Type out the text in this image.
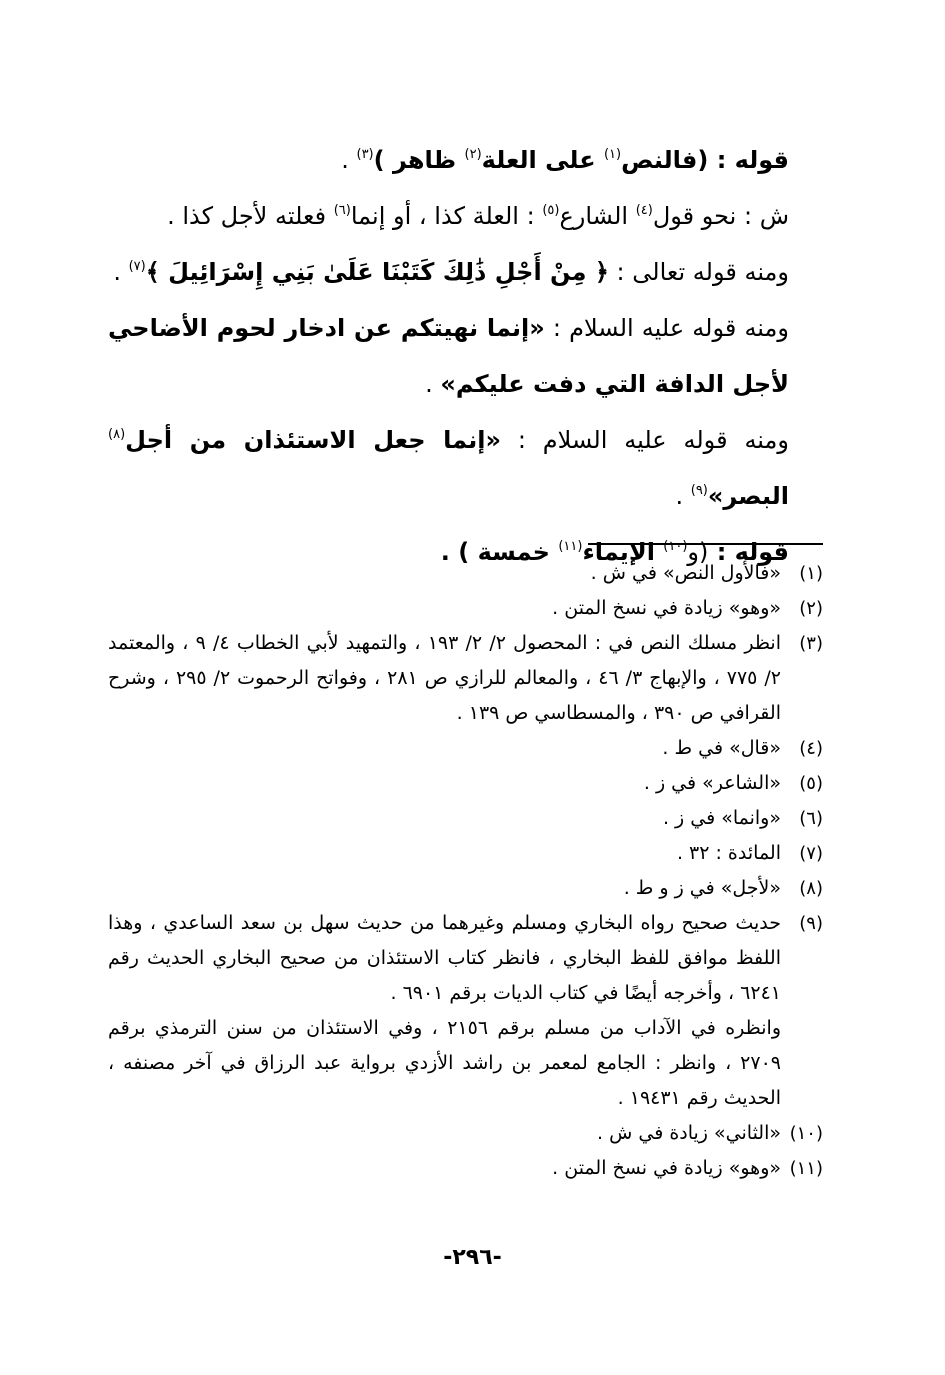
قوله : (فالنص$^{(١)}$ على العلة$^{(٢)}$ ظاهر )$^{(٣)}$ .

ش : نحو قول$^{(٤)}$ الشارع$^{(٥)}$ : العلة كذا ، أو إنما$^{(٦)}$ فعلته لأجل كذا .

ومنه قوله تعالى : ﴿ مِنْ أَجْلِ ذَٰلِكَ كَتَبْنَا عَلَىٰ بَنِي إِسْرَائِيلَ ﴾$^{(٧)}$ .

ومنه قوله عليه السلام : «إنما نهيتكم عن ادخار لحوم الأضاحي لأجل الدافة التي دفت عليكم» .

ومنه قوله عليه السلام : «إنما جعل الاستئذان من أجل$^{(٨)}$ البصر»$^{(٩)}$ .

قوله : (و$^{(١٠)}$ الإيماء$^{(١١)}$ خمسة ) .

(١)

«فالأول النص» في ش .

(٢)

«وهو» زيادة في نسخ المتن .

(٣)

انظر مسلك النص في : المحصول ٢/ ٢/ ١٩٣ ، والتمهيد لأبي الخطاب ٤/ ٩ ، والمعتمد ٢/ ٧٧٥ ، والإبهاج ٣/ ٤٦ ، والمعالم للرازي ص ٢٨١ ، وفواتح الرحموت ٢/ ٢٩٥ ، وشرح القرافي ص ٣٩٠ ، والمسطاسي ص ١٣٩ .

(٤)

«قال» في ط .

(٥)

«الشاعر» في ز .

(٦)

«وانما» في ز .

(٧)

المائدة : ٣٢ .

(٨)

«لأجل» في ز و ط .

(٩)

حديث صحيح رواه البخاري ومسلم وغيرهما من حديث سهل بن سعد الساعدي ، وهذا اللفظ موافق للفظ البخاري ، فانظر كتاب الاستئذان من صحيح البخاري الحديث رقم ٦٢٤١ ، وأخرجه أيضًا في كتاب الديات برقم ٦٩٠١ .

وانظره في الآداب من مسلم برقم ٢١٥٦ ، وفي الاستئذان من سنن الترمذي برقم ٢٧٠٩ ، وانظر : الجامع لمعمر بن راشد الأزدي برواية عبد الرزاق في آخر مصنفه ، الحديث رقم ١٩٤٣١ .

(١٠)

«الثاني» زيادة في ش .

(١١)

«وهو» زيادة في نسخ المتن .

-٢٩٦-
